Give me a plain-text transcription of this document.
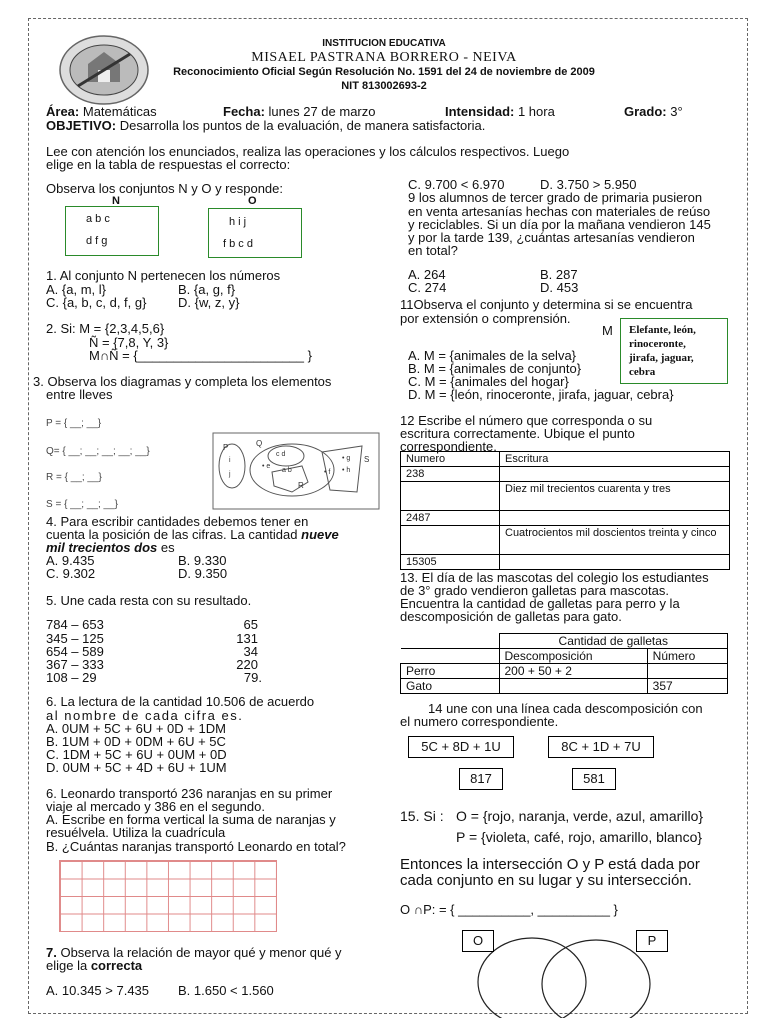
INSTITUCION EDUCATIVA
MISAEL PASTRANA BORRERO - NEIVA
Reconocimiento Oficial Según Resolución No. 1591 del 24 de noviembre de 2009
NIT 813002693-2
Área: Matemáticas	Fecha: lunes 27 de marzo	Intensidad: 1 hora	Grado: 3°
OBJETIVO: Desarrolla los puntos de la evaluación, de manera satisfactoria.
Lee con atención los enunciados, realiza las operaciones y los cálculos respectivos. Luego
elige en la tabla de respuestas el correcto:
Observa los conjuntos N y O y responde:
N	O
a b c
d f g
h i j
f b c d
1. Al conjunto N pertenecen los números
A. {a, m, l}	B. {a, g, f}
C. {a, b, c, d, f, g} D. {w, z, y}
2. Si: M = {2,3,4,5,6}
Ñ = {7,8, Y, 3}
M∩Ñ = {_______________________ }
3. Observa los diagramas y completa los elementos
entre lleves
P = { __; __}
Q= { __; __; __; __; __}
R = { __; __}
S = { __; __; __}
P	Q
S
R
c d
a b
• g
• h
• f
• e
i
j
4. Para escribir cantidades debemos tener en
cuenta la posición de las cifras. La cantidad nueve
mil trecientos dos es
A. 9.435	B. 9.330
C. 9.302	D. 9.350
5. Une cada resta con su resultado.
784 – 653
345 – 125
654 – 589
367 – 333
108 – 29
65
131
34
220
79.
6. La lectura de la cantidad 10.506 de acuerdo
al nombre de cada cifra es.
A. 0UM + 5C + 6U + 0D + 1DM
B. 1UM + 0D + 0DM + 6U + 5C
C. 1DM + 5C + 6U + 0UM + 0D
D. 0UM + 5C + 4D + 6U + 1UM
6. Leonardo transportó 236 naranjas en su primer
viaje al mercado y 386 en el segundo.
A. Escribe en forma vertical la suma de naranjas y
resuélvela. Utiliza la cuadrícula
B. ¿Cuántas naranjas transportó Leonardo en total?
7. Observa la relación de mayor qué y menor qué y
elige la correcta
A. 10.345 > 7.435 B. 1.650 < 1.560
C. 9.700 < 6.970	D. 3.750 > 5.950
9 los alumnos de tercer grado de primaria pusieron
en venta artesanías hechas con materiales de reúso
y reciclables. Si un día por la mañana vendieron 145
y por la tarde 139, ¿cuántas artesanías vendieron
en total?
A. 264	B. 287
C. 274	D. 453
11Observa el conjunto y determina si se encuentra
por extensión o comprensión.
M Elefante, león,
rinoceronte,
jirafa, jaguar,
cebra
A. M = {animales de la selva}
B. M = {animales de conjunto}
C. M = {animales del hogar}
D. M = {león, rinoceronte, jirafa, jaguar, cebra}
12 Escribe el número que corresponda o su
escritura correctamente. Ubique el punto
correspondiente.
Numero	Escritura
238	
	Diez mil trecientos cuarenta y tres
2487	
	Cuatrocientos mil doscientos treinta y cinco
15305	
13. El día de las mascotas del colegio los estudiantes
de 3° grado vendieron galletas para mascotas.
Encuentra la cantidad de galletas para perro y la
descomposición de galletas para gato.
	Cantidad de galletas	
	Descomposición	Número
Perro	200 + 50 + 2	
Gato		357
14 une con una línea cada descomposición con
el numero correspondiente.
5C + 8D + 1U	8C + 1D + 7U
817	581
15. Si : O = {rojo, naranja, verde, azul, amarillo}
P = {violeta, café, rojo, amarillo, blanco}
Entonces la intersección O y P está dada por
cada conjunto en su lugar y su intersección.
O ∩P: = { __________, __________ }
O	P
